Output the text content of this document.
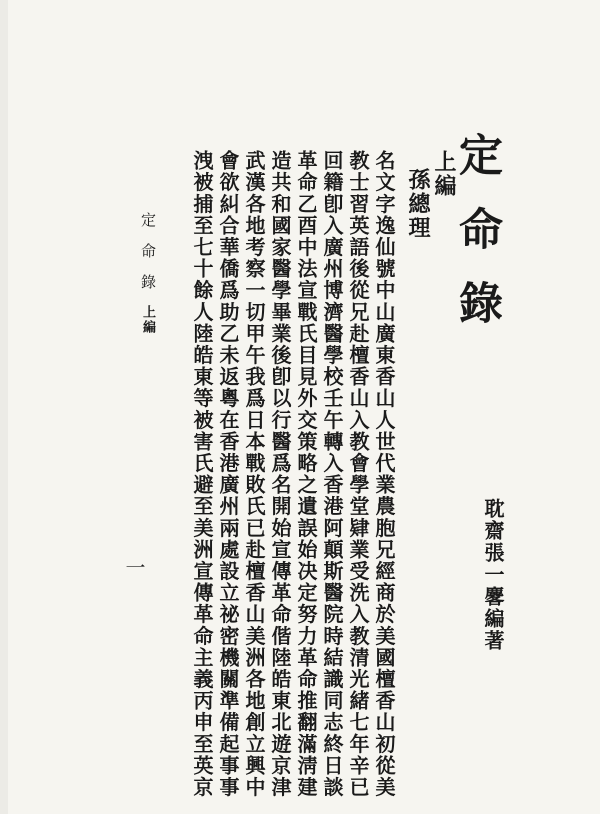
定命錄
上編
孫總理
耽齋張一𪊲編著
名文字逸仙號中山廣東香山人世代業農胞兄經商於美國檀香山初從美
教士習英語後從兄赴檀香山入教會學堂肄業受洗入教清光緒七年辛已
回籍卽入廣州博濟醫學校壬午轉入香港阿顛斯醫院時結識同志終日談
革命乙酉中法宣戰氏目見外交策略之遺誤始决定努力革命推翻滿淸建
造共和國家醫學畢業後卽以行醫爲名開始宣傳革命偕陸皓東北遊京津
武漢各地考察一切甲午我爲日本戰敗氏已赴檀香山美洲各地創立興中
會欲糾合華僑爲助乙未返粵在香港廣州兩處設立祕密機關準備起事事
洩被捕至七十餘人陸皓東等被害氏避至美洲宣傳革命主義丙申至英京
定命錄
上編
一
